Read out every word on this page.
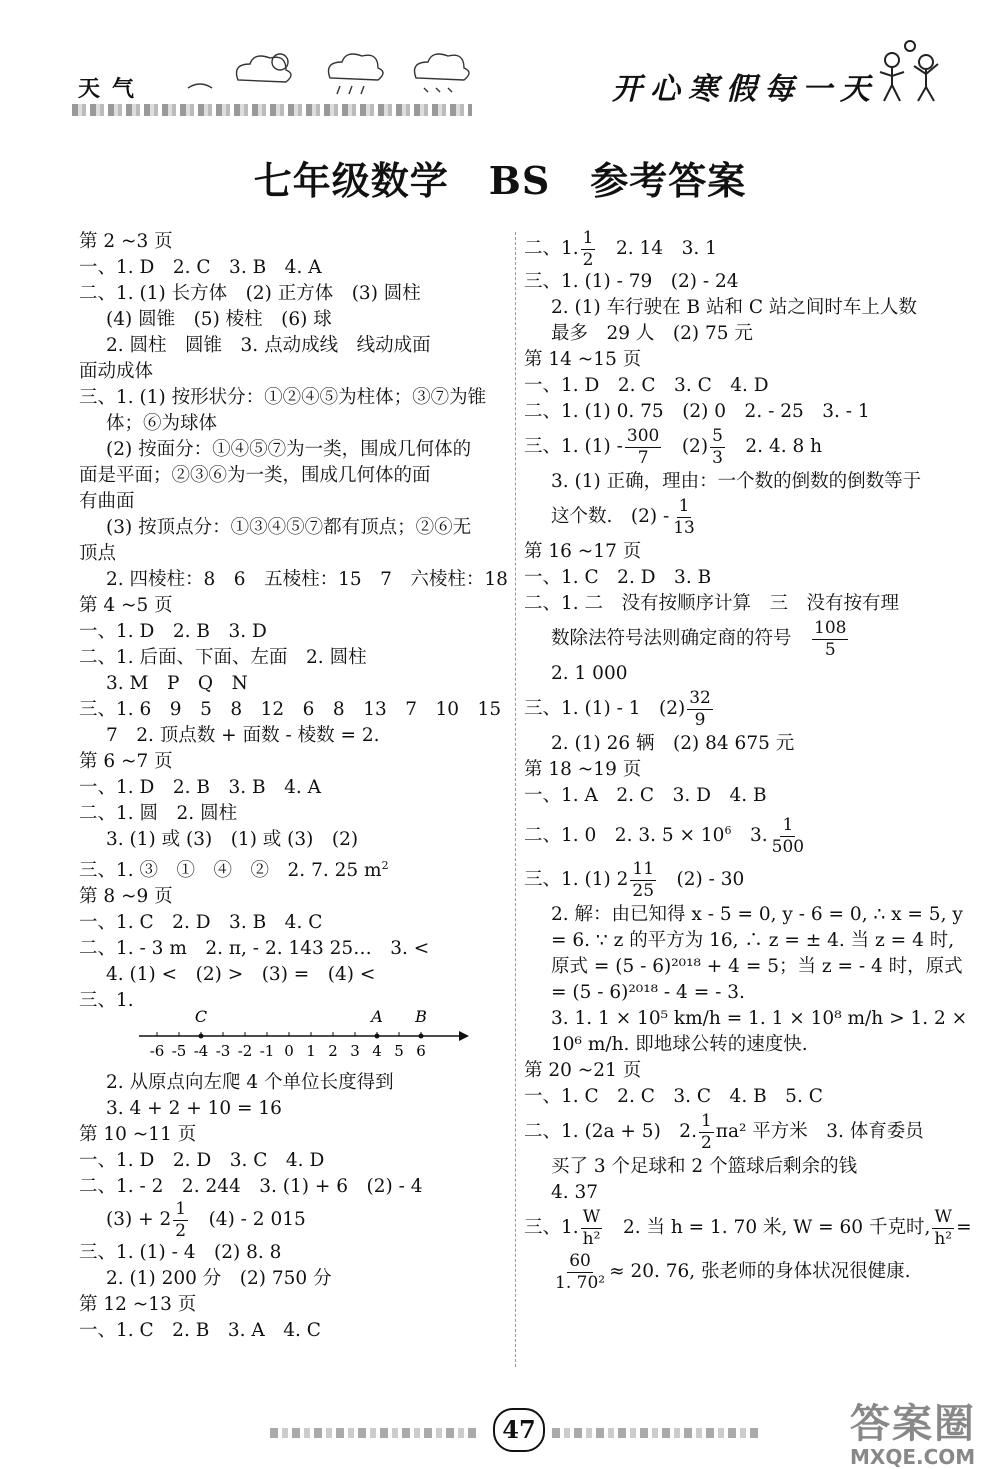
天气	开心寒假每一天
七年级数学 BS 参考答案
第 2 ~3 页
一、1. D　2. C　3. B　4. A
二、1. (1) 长方体　(2) 正方体　(3) 圆柱
(4) 圆锥　(5) 棱柱　(6) 球
2. 圆柱　圆锥　3. 点动成线　线动成面
面动成体
三、1. (1) 按形状分：①②④⑤为柱体；③⑦为锥
体；⑥为球体
(2) 按面分：①④⑤⑦为一类，围成几何体的
面是平面；②③⑥为一类，围成几何体的面
有曲面
(3) 按顶点分：①③④⑤⑦都有顶点；②⑥无
顶点
2. 四棱柱：8　6　五棱柱：15　7　六棱柱：18
第 4 ~5 页
一、1. D　2. B　3. D
二、1. 后面、下面、左面　2. 圆柱
3. M　P　Q　N
三、1. 6　9　5　8　12　6　8　13　7　10　15
7　2. 顶点数 + 面数 - 棱数 = 2.
第 6 ~7 页
一、1. D　2. B　3. B　4. A
二、1. 圆　2. 圆柱
3. (1) 或 (3)　(1) 或 (3)　(2)
三、1. ③　①　④　②　2. 7. 25 $m^2$
第 8 ~9 页
一、1. C　2. D　3. B　4. C
二、1. - 3 m　2. π, - 2. 143 25…　3. <
4. (1) <　(2) >　(3) =　(4) <
三、1.
-6 -5 -4 -3 -2 -1 0 1 2 3 4 5 6
C	A B
2. 从原点向左爬 4 个单位长度得到
3. 4 + 2 + 10 = 16
第 10 ~11 页
一、1. D　2. D　3. C　4. D
二、1. - 2　2. 244　3. (1) + 6　(2) - 4
$(3) + 2 \frac{1}{2}$
　 (4) - 2 015
三、1. (1) - 4　(2) 8. 8
2. (1) 200 分　(2) 750 分
第 12 ~13 页
一、1. C　2. B　3. A　4. C
二、1. $\frac{1}{2}$
　 2. 14　3. 1
三、1. (1) - 79　(2) - 24
2. (1) 车行驶在 B 站和 C 站之间时车上人数
最多　29 人　(2) 75 元
第 14 ~15 页
一、1. D　2. C　3. C　4. D
二、1. (1) 0. 75　(2) 0　2. - 25　3. - 1
三、1. $(1) - \frac{300}{7}$
　 $(2) \frac{5}{3}$
　 2. 4. 8 h
3. (1) 正确，理由：一个数的倒数的倒数等于
这个数.　$(2) - \frac{1}{13}$
第 16 ~17 页
一、1. C　2. D　3. B
二、1. 二　没有按顺序计算　三　没有按有理
数除法符号法则确定商的符号　 $\frac{108}{5}$
2. 1 000
三、1. (1) - 1　$(2) \frac{32}{9}$
2. (1) 26 辆　(2) 84 675 元
第 18 ~19 页
一、1. A　2. C　3. D　4. B
二、1. 0　2. 3. $5 \times 10^6$　 3. $\frac{1}{500}$
三、1. (1) $2 \frac{11}{25}$
　 (2) - 30
2. 解：由已知得 x - 5 = 0, y - 6 = 0, ∴ x = 5, y
= 6. ∵ z 的平方为 16, ∴ z = ± 4. 当 z = 4 时,
原式 = (5 - 6)²⁰¹⁸ + 4 = 5；当 z = - 4 时，原式
= (5 - 6)²⁰¹⁸ - 4 = - 3.
3. 1. 1 × 10⁵ km/h = 1. 1 × 10⁸ m/h > 1. 2 ×
10⁶ m/h. 即地球公转的速度快.
第 20 ~21 页
一、1. C　2. C　3. C　4. B　5. C
二、1. (2a + 5)　2. $\frac{1}{2} \pi a^2$ 平方米　3. 体育委员
买了 3 个足球和 2 个篮球后剩余的钱
4. 37
三、1. $\frac{W}{\text{h²}}$
　 2. 当 h = 1. 70 米, W = 60 千克时, $\frac{W}{\text{h²}}$ =
$\frac{60}{\text{1. 70²}} \approx 20$. 76, 张老师的身体状况很健康.
47	答案圈
MXQE.COM
